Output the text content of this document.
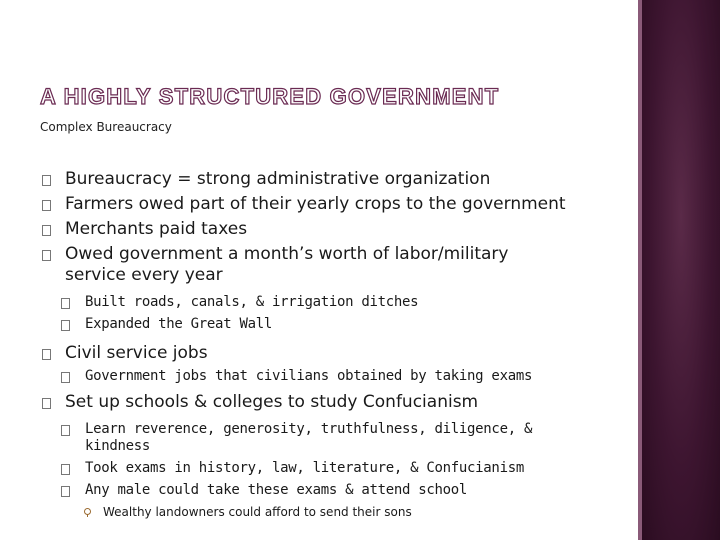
A HIGHLY STRUCTURED GOVERNMENT
Complex Bureaucracy
Bureaucracy = strong administrative organization
Farmers owed part of their yearly crops to the government
Merchants paid taxes
Owed government a month’s worth of labor/military service every year
Built roads, canals, & irrigation ditches
Expanded the Great Wall
Civil service jobs
Government jobs that civilians obtained by taking exams
Set up schools & colleges to study Confucianism
Learn reverence, generosity, truthfulness, diligence, & kindness
Took exams in history, law, literature, & Confucianism
Any male could take these exams & attend school
Wealthy landowners could afford to send their sons
